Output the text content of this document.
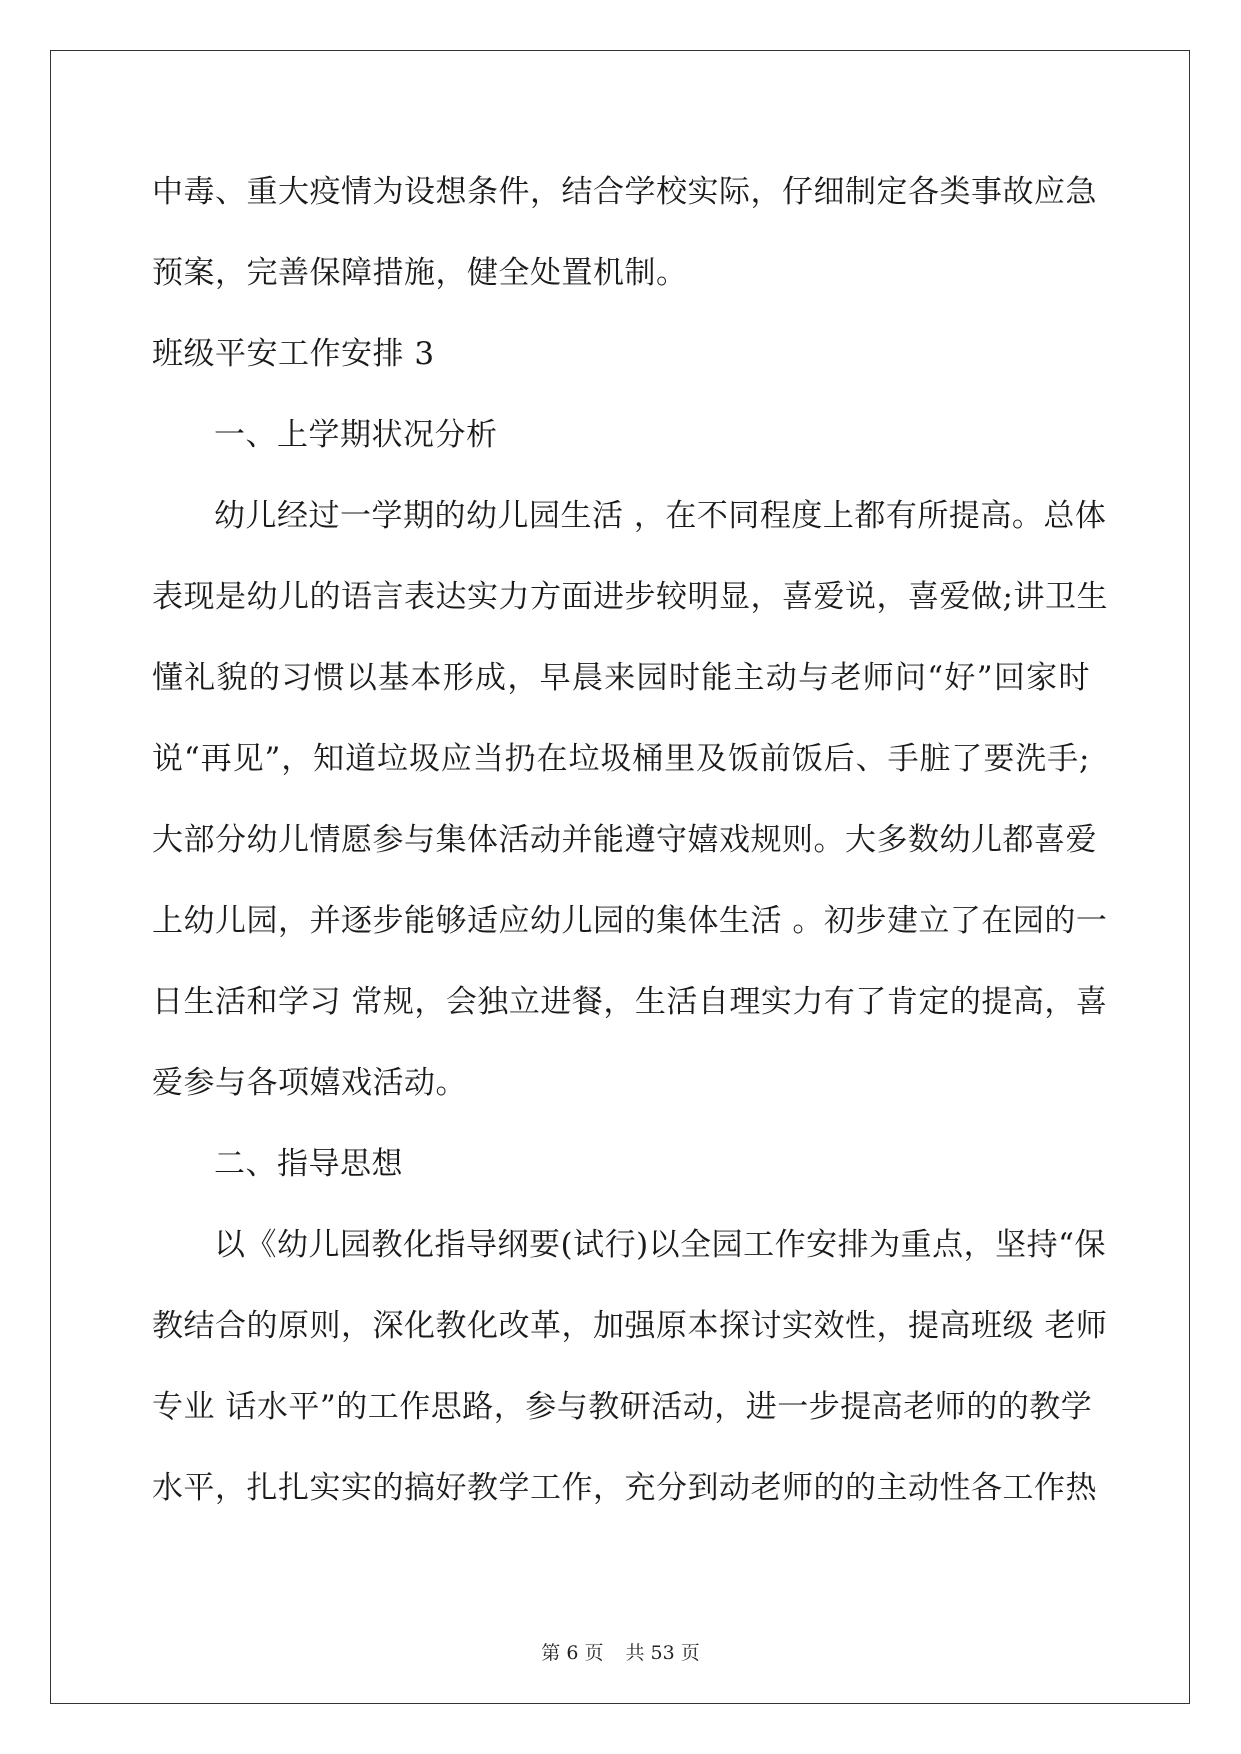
中毒、重大疫情为设想条件，结合学校实际，仔细制定各类事故应急
预案，完善保障措施，健全处置机制。
班级平安工作安排 3
一、上学期状况分析
幼儿经过一学期的幼儿园生活 ，在不同程度上都有所提高。总体
表现是幼儿的语言表达实力方面进步较明显，喜爱说，喜爱做;讲卫生
懂礼貌的习惯以基本形成，早晨来园时能主动与老师问“好”回家时
说“再见”，知道垃圾应当扔在垃圾桶里及饭前饭后、手脏了要洗手;
大部分幼儿情愿参与集体活动并能遵守嬉戏规则。大多数幼儿都喜爱
上幼儿园，并逐步能够适应幼儿园的集体生活 。初步建立了在园的一
日生活和学习 常规，会独立进餐，生活自理实力有了肯定的提高，喜
爱参与各项嬉戏活动。
二、指导思想
以《幼儿园教化指导纲要(试行)以全园工作安排为重点，坚持“保
教结合的原则，深化教化改革，加强原本探讨实效性，提高班级 老师
专业 话水平”的工作思路，参与教研活动，进一步提高老师的的教学
水平，扎扎实实的搞好教学工作，充分到动老师的的主动性各工作热
第 6 页 共 53 页
